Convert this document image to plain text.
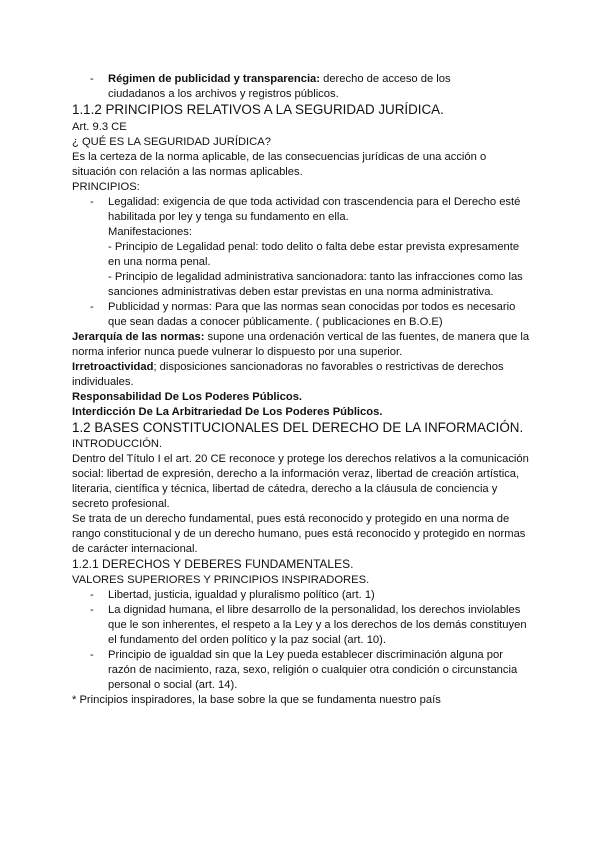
- Régimen de publicidad y transparencia: derecho de acceso de los
ciudadanos a los archivos y registros públicos.
1.1.2 PRINCIPIOS RELATIVOS A LA SEGURIDAD JURÍDICA.
Art. 9.3 CE
¿ QUÉ ES LA SEGURIDAD JURÍDICA?
Es la certeza de la norma aplicable, de las consecuencias jurídicas de una acción o
situación con relación a las normas aplicables.
PRINCIPIOS:
- Legalidad: exigencia de que toda actividad con trascendencia para el Derecho esté
habilitada por ley y tenga su fundamento en ella.
Manifestaciones:
- Principio de Legalidad penal: todo delito o falta debe estar prevista expresamente
en una norma penal.
- Principio de legalidad administrativa sancionadora: tanto las infracciones como las
sanciones administrativas deben estar previstas en una norma administrativa.
- Publicidad y normas: Para que las normas sean conocidas por todos es necesario
que sean dadas a conocer públicamente. ( publicaciones en B.O.E)
Jerarquía de las normas: supone una ordenación vertical de las fuentes, de manera que la
norma inferior nunca puede vulnerar lo dispuesto por una superior.
Irretroactividad; disposiciones sancionadoras no favorables o restrictivas de derechos
individuales.
Responsabilidad De Los Poderes Públicos.
Interdicción De La Arbitrariedad De Los Poderes Públicos.
1.2 BASES CONSTITUCIONALES DEL DERECHO DE LA INFORMACIÓN.
INTRODUCCIÓN.
Dentro del Título I el art. 20 CE reconoce y protege los derechos relativos a la comunicación
social: libertad de expresión, derecho a la información veraz, libertad de creación artística,
literaria, científica y técnica, libertad de cátedra, derecho a la cláusula de conciencia y
secreto profesional.
Se trata de un derecho fundamental, pues está reconocido y protegido en una norma de
rango constitucional y de un derecho humano, pues está reconocido y protegido en normas
de carácter internacional.
1.2.1 DERECHOS Y DEBERES FUNDAMENTALES.
VALORES SUPERIORES Y PRINCIPIOS INSPIRADORES.
- Libertad, justicia, igualdad y pluralismo político (art. 1)
- La dignidad humana, el libre desarrollo de la personalidad, los derechos inviolables
que le son inherentes, el respeto a la Ley y a los derechos de los demás constituyen
el fundamento del orden político y la paz social (art. 10).
- Principio de igualdad sin que la Ley pueda establecer discriminación alguna por
razón de nacimiento, raza, sexo, religión o cualquier otra condición o circunstancia
personal o social (art. 14).
* Principios inspiradores, la base sobre la que se fundamenta nuestro país
